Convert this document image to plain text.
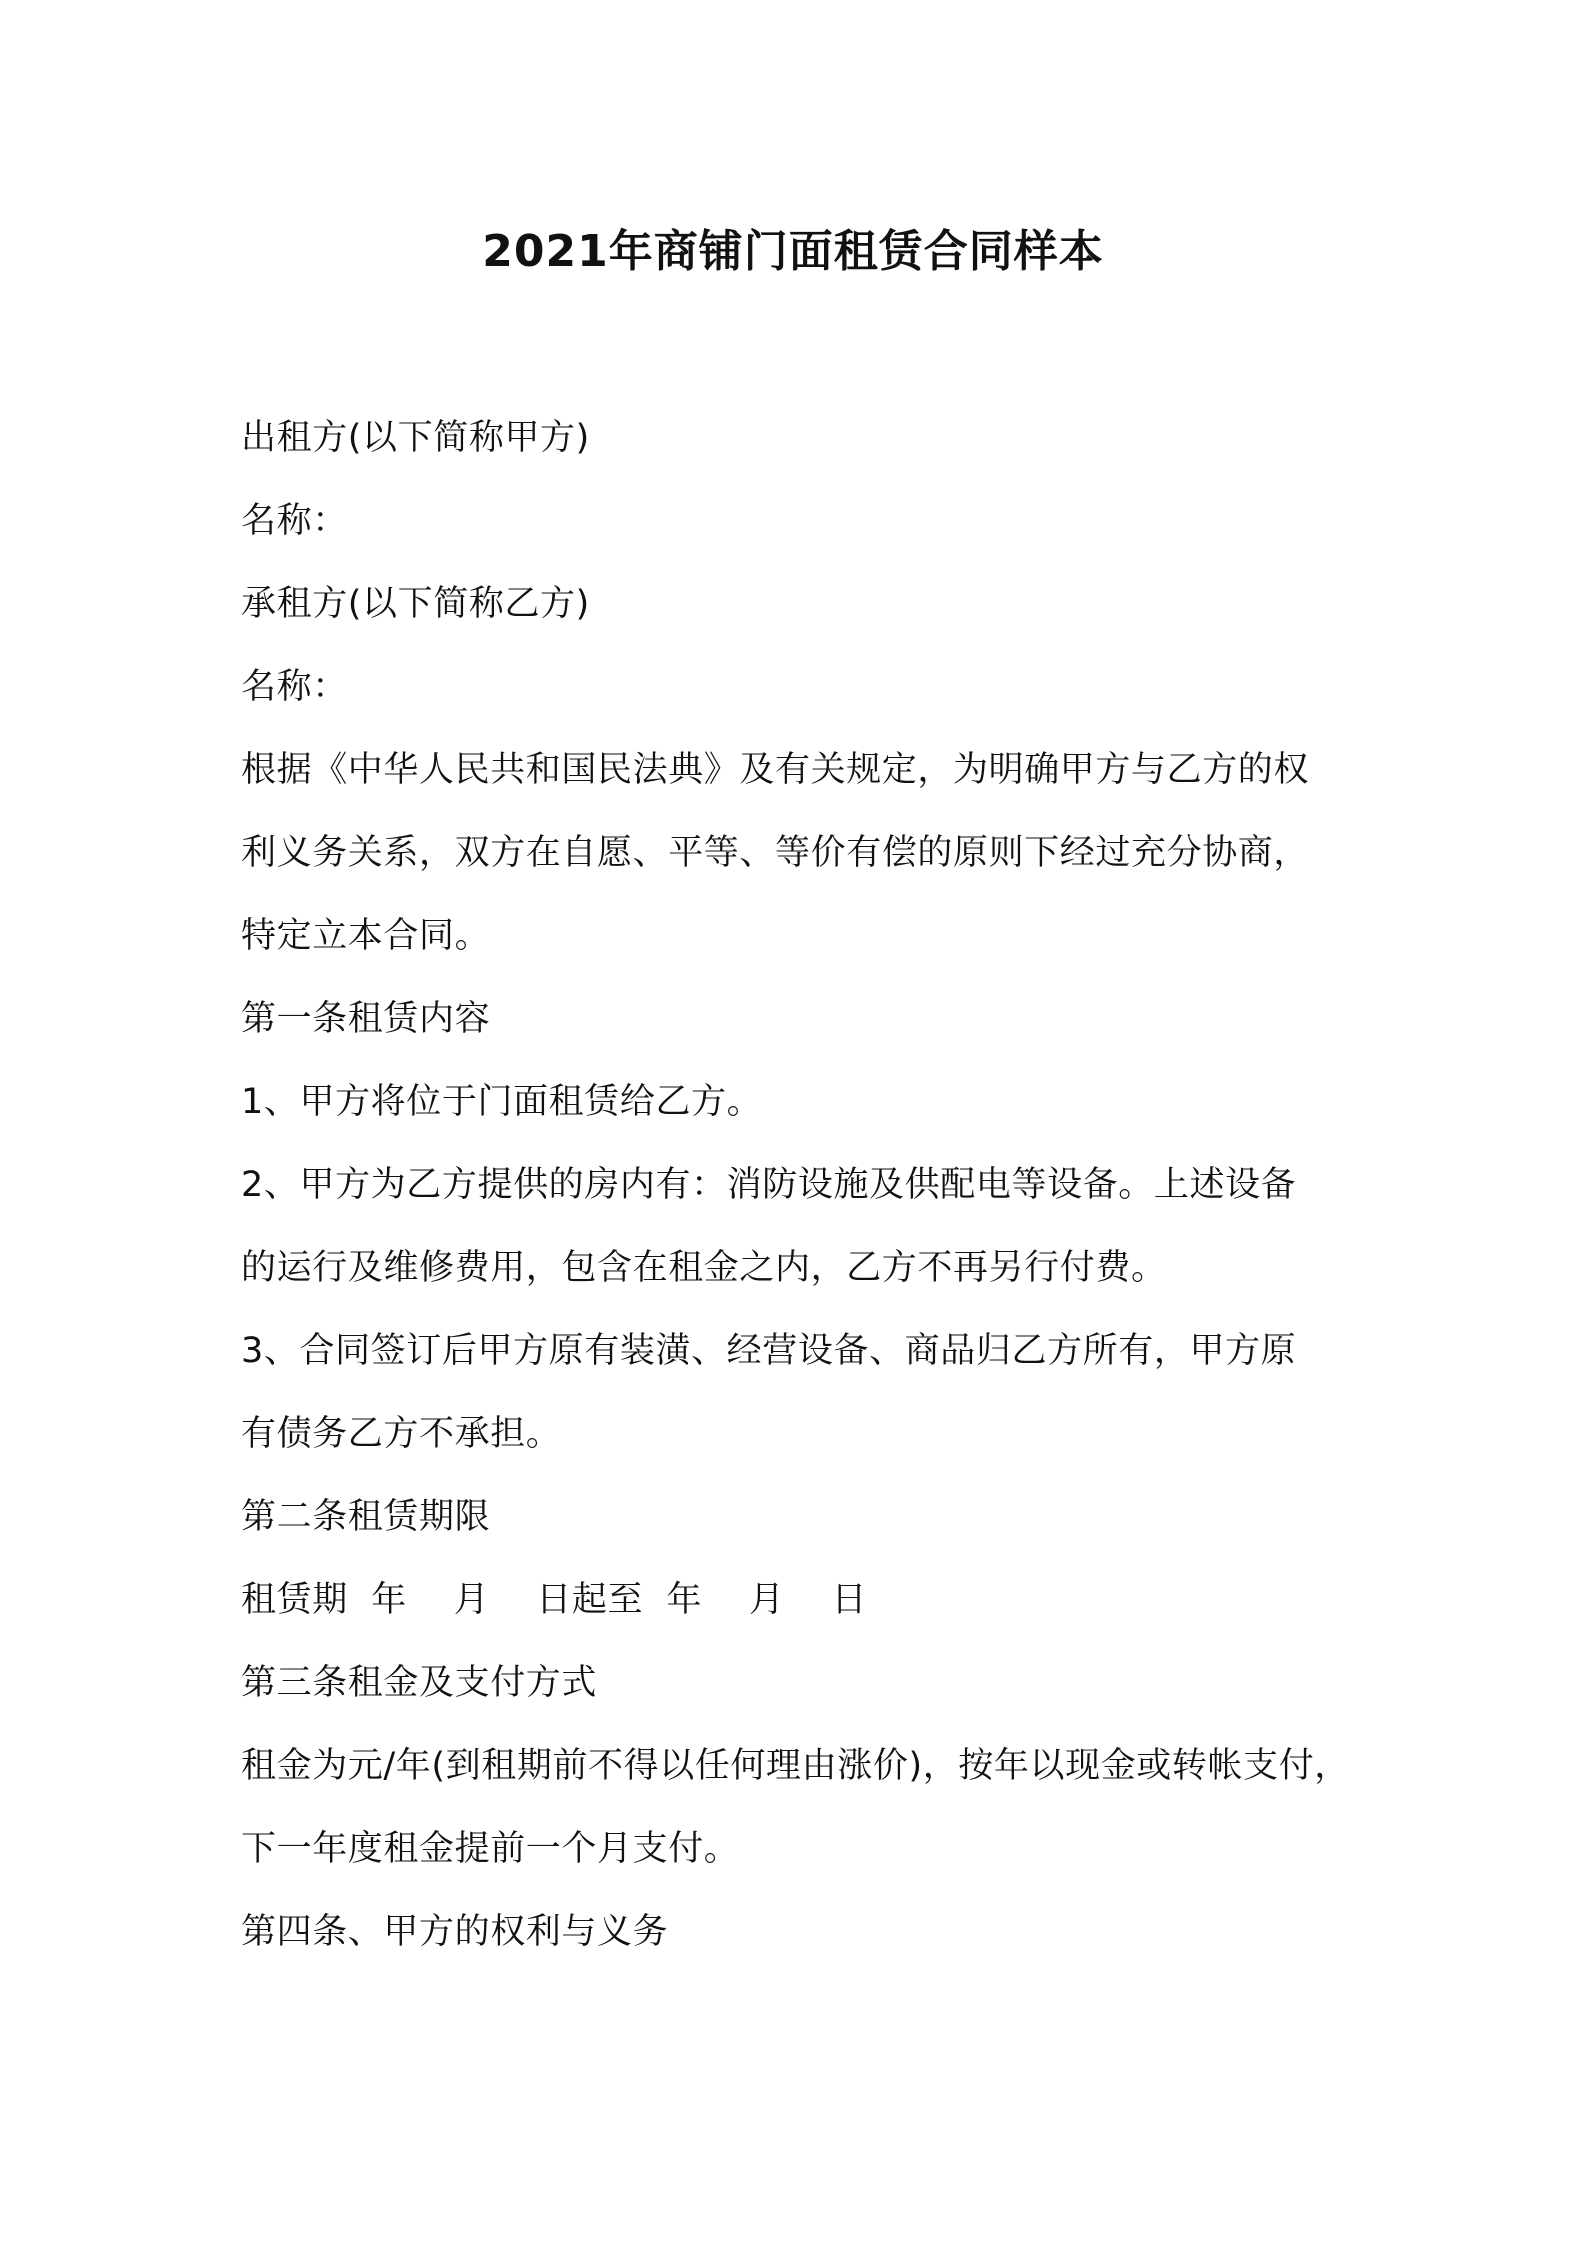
2021年商铺门面租赁合同样本
出租方(以下简称甲方)
名称：
承租方(以下简称乙方)
名称：
根据《中华人民共和国民法典》及有关规定，为明确甲方与乙方的权
利义务关系，双方在自愿、平等、等价有偿的原则下经过充分协商，
特定立本合同。
第一条租赁内容
1、甲方将位于门面租赁给乙方。
2、甲方为乙方提供的房内有：消防设施及供配电等设备。上述设备
的运行及维修费用，包含在租金之内，乙方不再另行付费。
3、合同签订后甲方原有装潢、经营设备、商品归乙方所有，甲方原
有债务乙方不承担。
第二条租赁期限
租赁期  年    月    日起至  年    月    日
第三条租金及支付方式
租金为元/年(到租期前不得以任何理由涨价)，按年以现金或转帐支付，
下一年度租金提前一个月支付。
第四条、甲方的权利与义务
